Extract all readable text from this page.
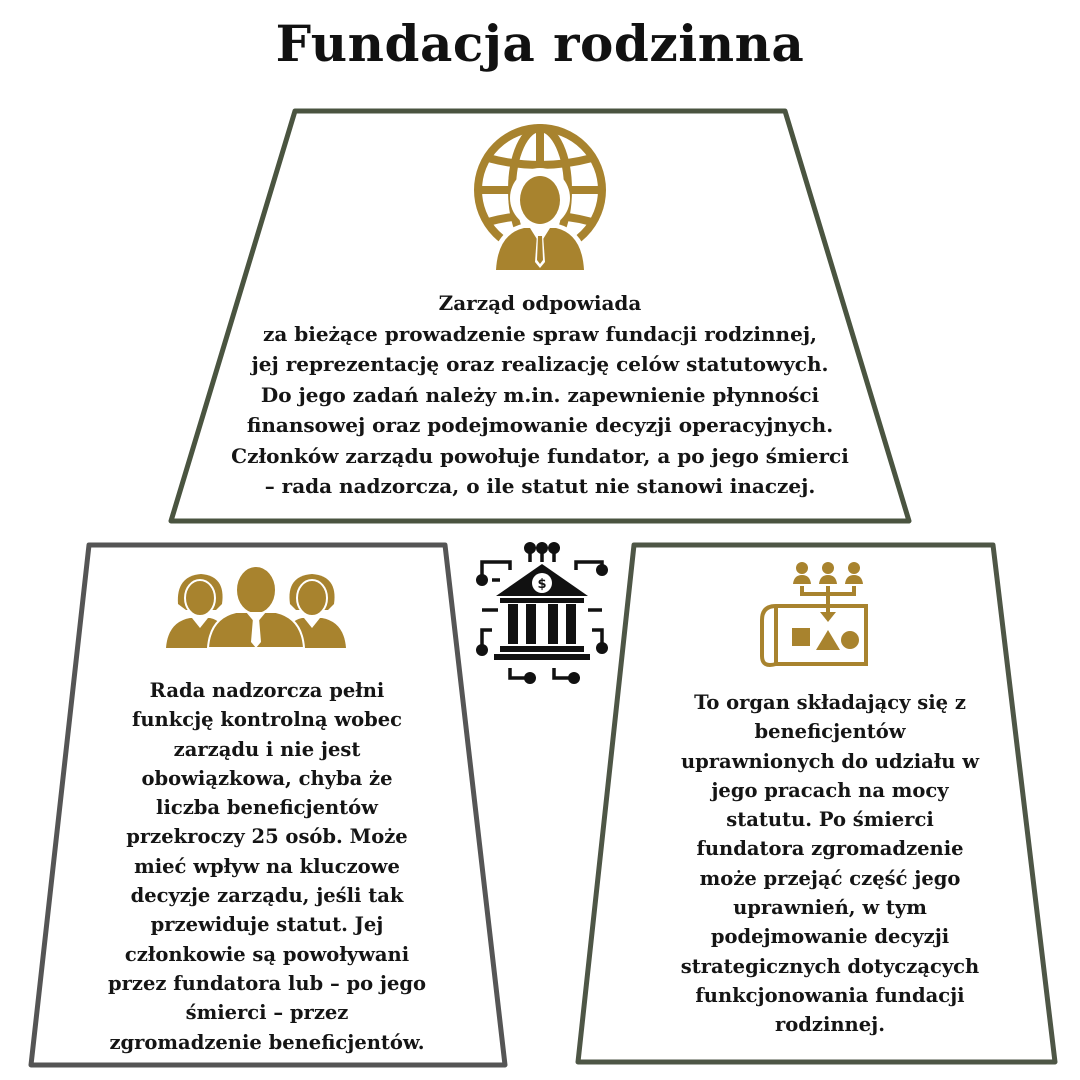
Fundacja rodzinna
$
Zarząd odpowiada
za bieżące prowadzenie spraw fundacji rodzinnej,
jej reprezentację oraz realizację celów statutowych.
Do jego zadań należy m.in. zapewnienie płynności
finansowej oraz podejmowanie decyzji operacyjnych.
Członków zarządu powołuje fundator, a po jego śmierci
– rada nadzorcza, o ile statut nie stanowi inaczej.
Rada nadzorcza pełni
funkcję kontrolną wobec
zarządu i nie jest
obowiązkowa, chyba że
liczba beneficjentów
przekroczy 25 osób. Może
mieć wpływ na kluczowe
decyzje zarządu, jeśli tak
przewiduje statut. Jej
członkowie są powoływani
przez fundatora lub – po jego
śmierci – przez
zgromadzenie beneficjentów.
To organ składający się z
beneficjentów
uprawnionych do udziału w
jego pracach na mocy
statutu. Po śmierci
fundatora zgromadzenie
może przejąć część jego
uprawnień, w tym
podejmowanie decyzji
strategicznych dotyczących
funkcjonowania fundacji
rodzinnej.
